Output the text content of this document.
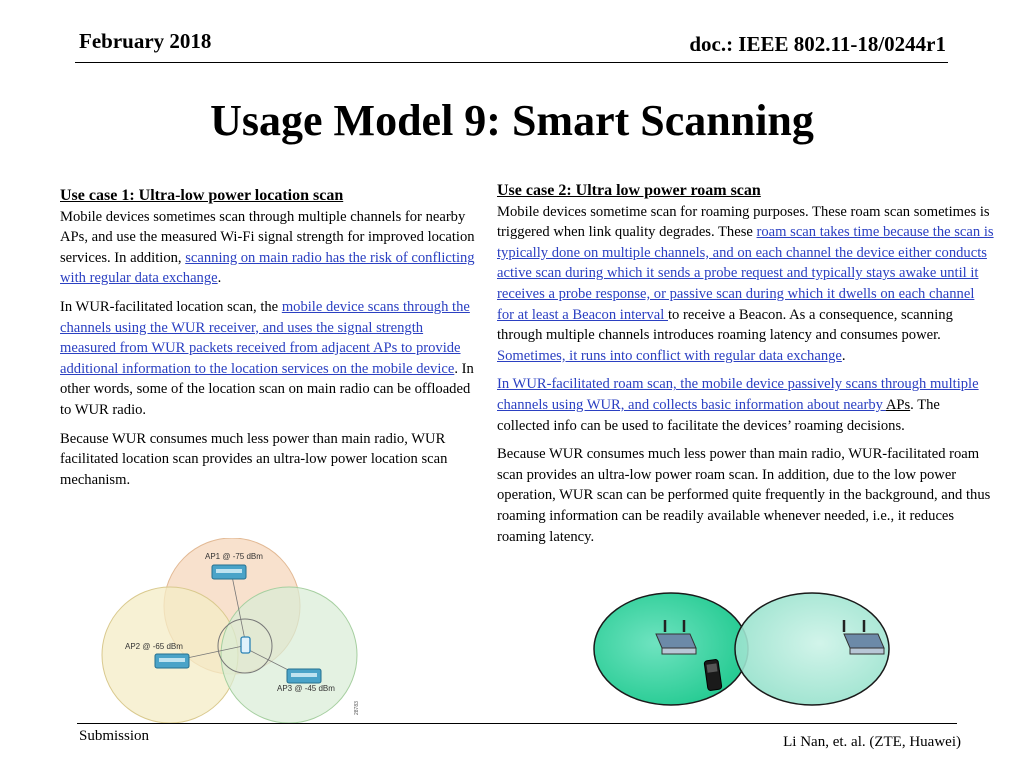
February 2018	doc.: IEEE 802.11-18/0244r1
Usage Model 9: Smart Scanning
Use case 1: Ultra-low power location scan

Mobile devices sometimes scan through multiple channels for nearby APs, and use the measured Wi-Fi signal strength for improved location services. In addition, scanning on main radio has the risk of conflicting with regular data exchange.

In WUR-facilitated location scan, the mobile device scans through the channels using the WUR receiver, and uses the signal strength measured from WUR packets received from adjacent APs to provide additional information to the location services on the mobile device. In other words, some of the location scan on main radio can be offloaded to WUR radio.

Because WUR consumes much less power than main radio, WUR facilitated location scan provides an ultra-low power location scan mechanism.

Use case 2: Ultra low power roam scan

Mobile devices sometime scan for roaming purposes. These roam scan sometimes is triggered when link quality degrades. These roam scan takes time because the scan is typically done on multiple channels, and on each channel the device either conducts active scan during which it sends a probe request and typically stays awake until it receives a probe response, or passive scan during which it dwells on each channel for at least a Beacon interval to receive a Beacon. As a consequence, scanning through multiple channels introduces roaming latency and consumes power. Sometimes, it runs into conflict with regular data exchange.

In WUR-facilitated roam scan, the mobile device passively scans through multiple channels using WUR, and collects basic information about nearby APs. The collected info can be used to facilitate the devices’ roaming decisions.

Because WUR consumes much less power than main radio, WUR-facilitated roam scan provides an ultra-low power roam scan. In addition, due to the low power operation, WUR scan can be performed quite frequently in the background, and thus roaming information can be readily available whenever needed, i.e., it reduces roaming latency.

AP1 @ -75 dBm
AP2 @ -65 dBm
AP3 @ -45 dBm
28783
Submission	Li Nan, et. al. (ZTE, Huawei)
